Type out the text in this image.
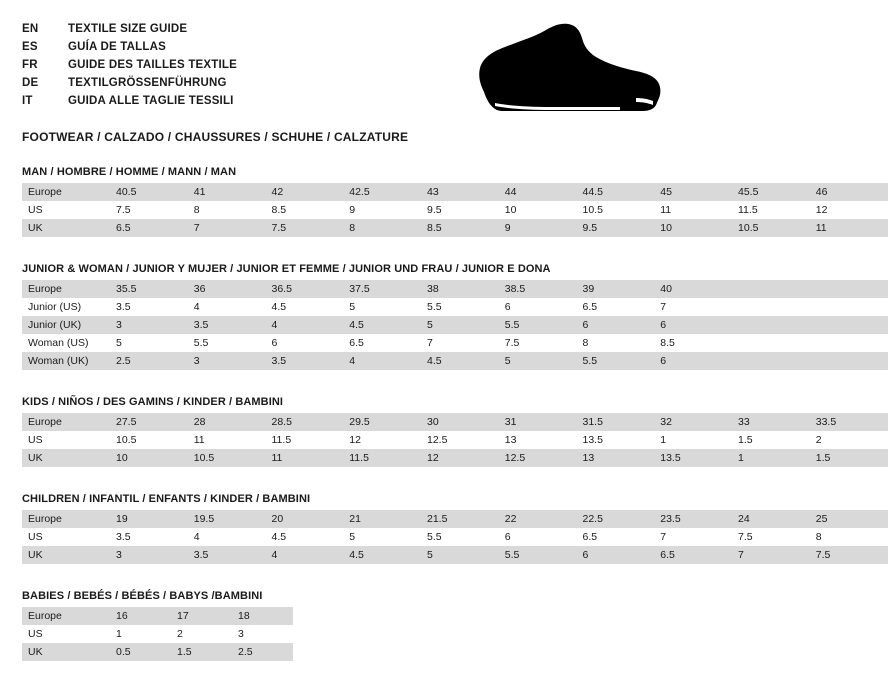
EN	TEXTILE SIZE GUIDE
ES	GUÍA DE TALLAS
FR	GUIDE DES TAILLES TEXTILE
DE	TEXTILGRÖSSENFÜHRUNG
IT	GUIDA ALLE TAGLIE TESSILI
FOOTWEAR / CALZADO / CHAUSSURES / SCHUHE / CALZATURE
MAN / HOMBRE / HOMME / MANN / MAN
Europe	40.5	41	42	42.5	43	44	44.5	45	45.5	46
US	7.5	8	8.5	9	9.5	10	10.5	11	11.5	12
UK	6.5	7	7.5	8	8.5	9	9.5	10	10.5	11
JUNIOR & WOMAN / JUNIOR Y MUJER / JUNIOR ET FEMME / JUNIOR UND FRAU / JUNIOR E DONA
Europe	35.5	36	36.5	37.5	38	38.5	39	40		
Junior (US)	3.5	4	4.5	5	5.5	6	6.5	7		
Junior (UK)	3	3.5	4	4.5	5	5.5	6	6		
Woman (US)	5	5.5	6	6.5	7	7.5	8	8.5		
Woman (UK)	2.5	3	3.5	4	4.5	5	5.5	6		
KIDS / NIÑOS / DES GAMINS / KINDER / BAMBINI
Europe	27.5	28	28.5	29.5	30	31	31.5	32	33	33.5
US	10.5	11	11.5	12	12.5	13	13.5	1	1.5	2
UK	10	10.5	11	11.5	12	12.5	13	13.5	1	1.5
CHILDREN / INFANTIL / ENFANTS / KINDER / BAMBINI
Europe	19	19.5	20	21	21.5	22	22.5	23.5	24	25
US	3.5	4	4.5	5	5.5	6	6.5	7	7.5	8
UK	3	3.5	4	4.5	5	5.5	6	6.5	7	7.5
BABIES / BEBÉS / BÉBÉS / BABYS /BAMBINI
Europe	16	17	18
US	1	2	3
UK	0.5	1.5	2.5
